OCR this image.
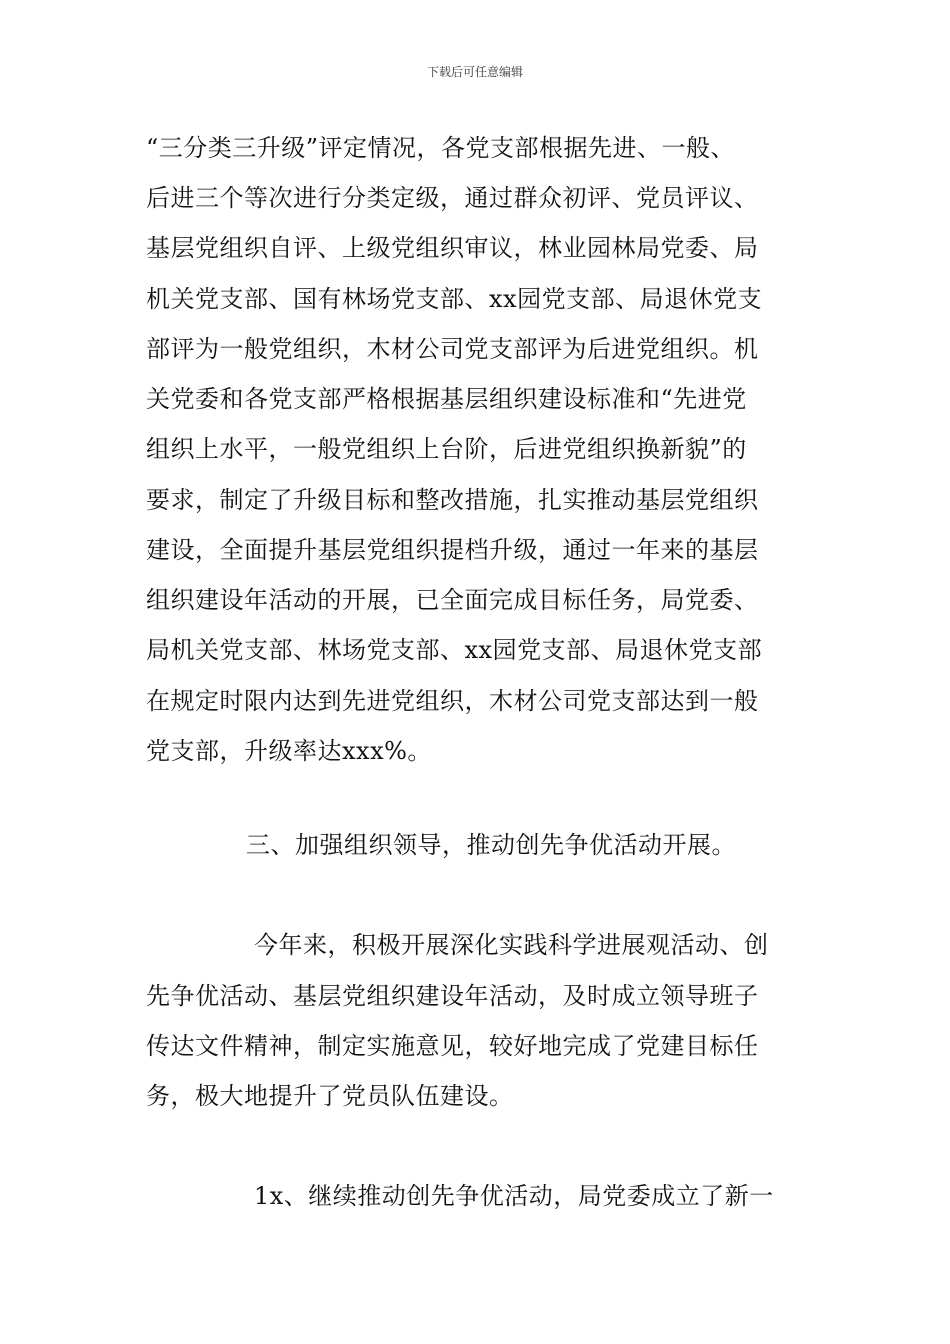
下载后可任意编辑
“三分类三升级”评定情况，各党支部根据先进、一般、
后进三个等次进行分类定级，通过群众初评、党员评议、
基层党组织自评、上级党组织审议，林业园林局党委、局
机关党支部、国有林场党支部、xx园党支部、局退休党支
部评为一般党组织，木材公司党支部评为后进党组织。机
关党委和各党支部严格根据基层组织建设标准和“先进党
组织上水平，一般党组织上台阶，后进党组织换新貌”的
要求，制定了升级目标和整改措施，扎实推动基层党组织
建设，全面提升基层党组织提档升级，通过一年来的基层
组织建设年活动的开展，已全面完成目标任务，局党委、
局机关党支部、林场党支部、xx园党支部、局退休党支部
在规定时限内达到先进党组织，木材公司党支部达到一般
党支部，升级率达xxx%。
三、加强组织领导，推动创先争优活动开展。
今年来，积极开展深化实践科学进展观活动、创
先争优活动、基层党组织建设年活动，及时成立领导班子
传达文件精神，制定实施意见，较好地完成了党建目标任
务，极大地提升了党员队伍建设。
1x、继续推动创先争优活动，局党委成立了新一
